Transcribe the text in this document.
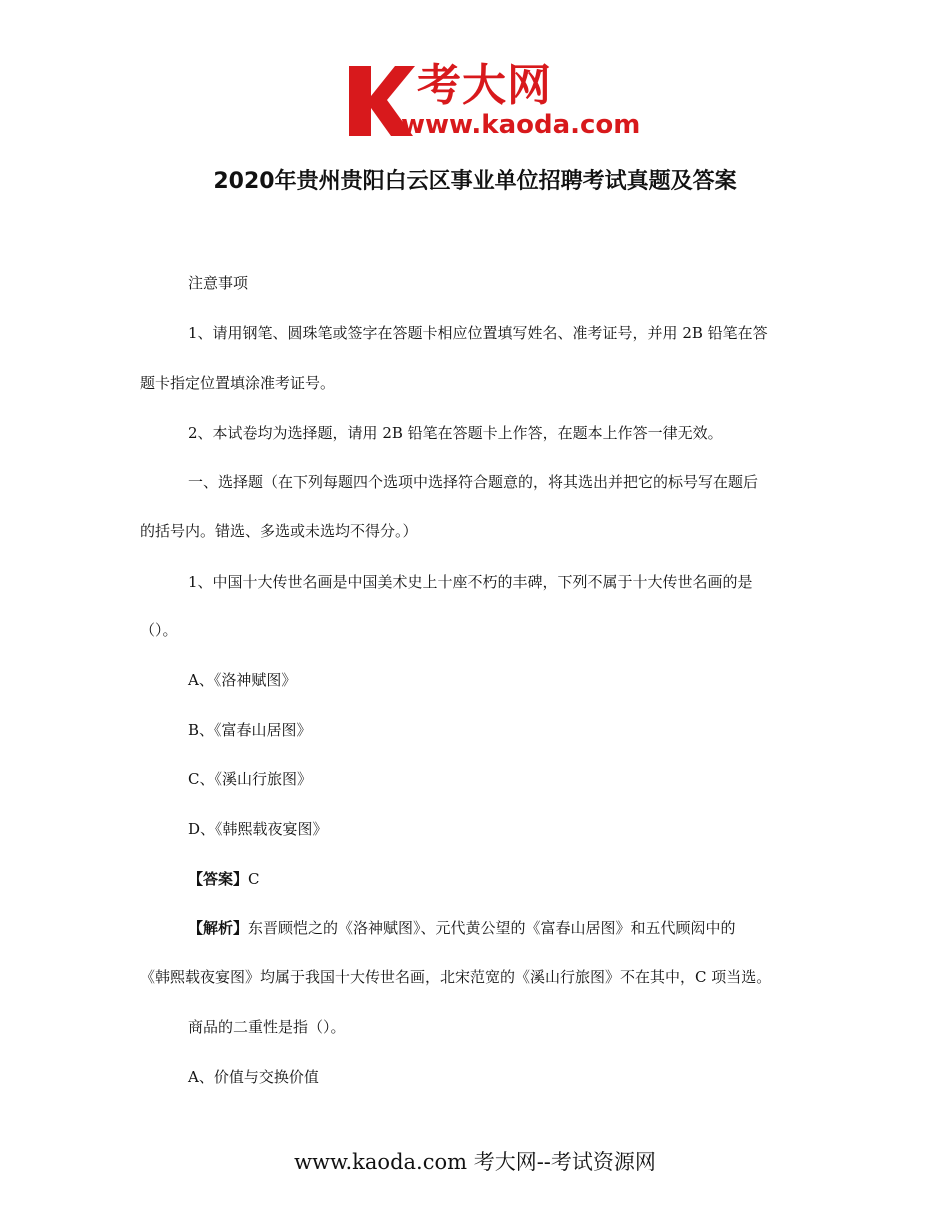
考大网
www.kaoda.com
2020年贵州贵阳白云区事业单位招聘考试真题及答案
注意事项
1、请用钢笔、圆珠笔或签字在答题卡相应位置填写姓名、准考证号，并用 2B 铅笔在答
题卡指定位置填涂准考证号。
2、本试卷均为选择题，请用 2B 铅笔在答题卡上作答，在题本上作答一律无效。
一、选择题（在下列每题四个选项中选择符合题意的，将其选出并把它的标号写在题后
的括号内。错选、多选或未选均不得分。）
1、中国十大传世名画是中国美术史上十座不朽的丰碑，下列不属于十大传世名画的是
（）。
A、《洛神赋图》
B、《富春山居图》
C、《溪山行旅图》
D、《韩熙载夜宴图》
【答案】C
【解析】东晋顾恺之的《洛神赋图》、元代黄公望的《富春山居图》和五代顾闳中的
《韩熙载夜宴图》均属于我国十大传世名画，北宋范宽的《溪山行旅图》不在其中，C 项当选。
商品的二重性是指（）。
A、价值与交换价值
www.kaoda.com 考大网--考试资源网
